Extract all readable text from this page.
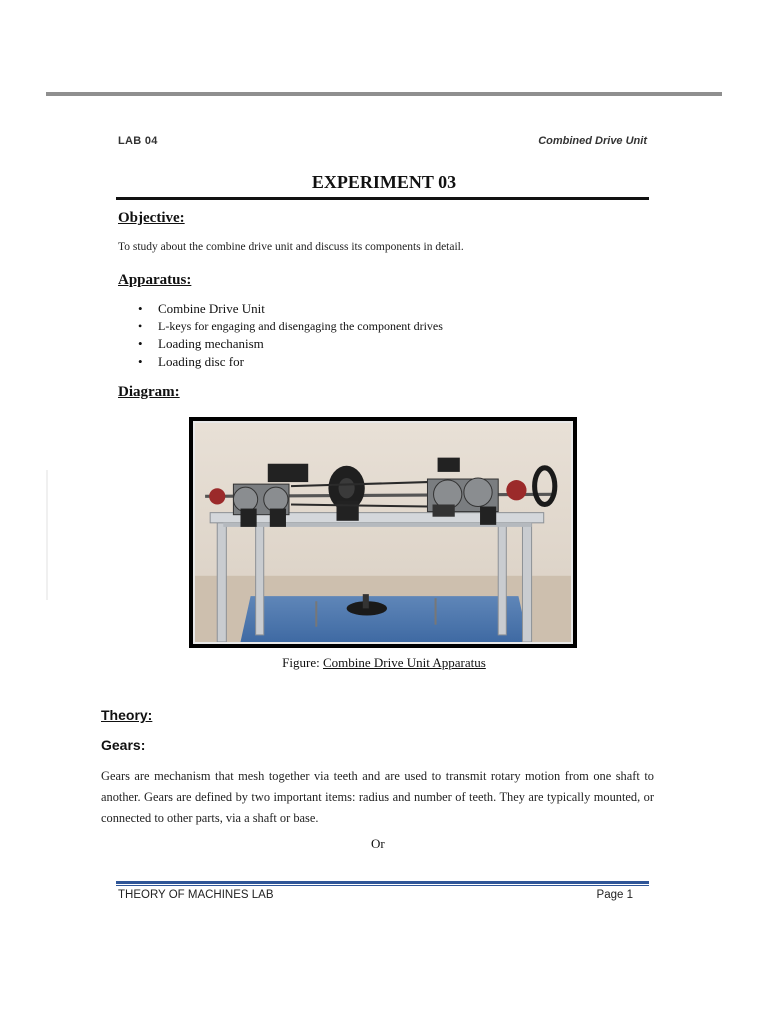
LAB 04	Combined Drive Unit
EXPERIMENT 03
Objective:
To study about the combine drive unit and discuss its components in detail.
Apparatus:
• Combine Drive Unit
• L-keys for engaging and disengaging the component drives
• Loading mechanism
• Loading disc for
Diagram:
Figure: Combine Drive Unit Apparatus
Theory:
Gears:
Gears are mechanism that mesh together via teeth and are used to transmit rotary motion from one shaft to another. Gears are defined by two important items: radius and number of teeth. They are typically mounted, or connected to other parts, via a shaft or base.
Or
THEORY OF MACHINES LAB	Page 1
